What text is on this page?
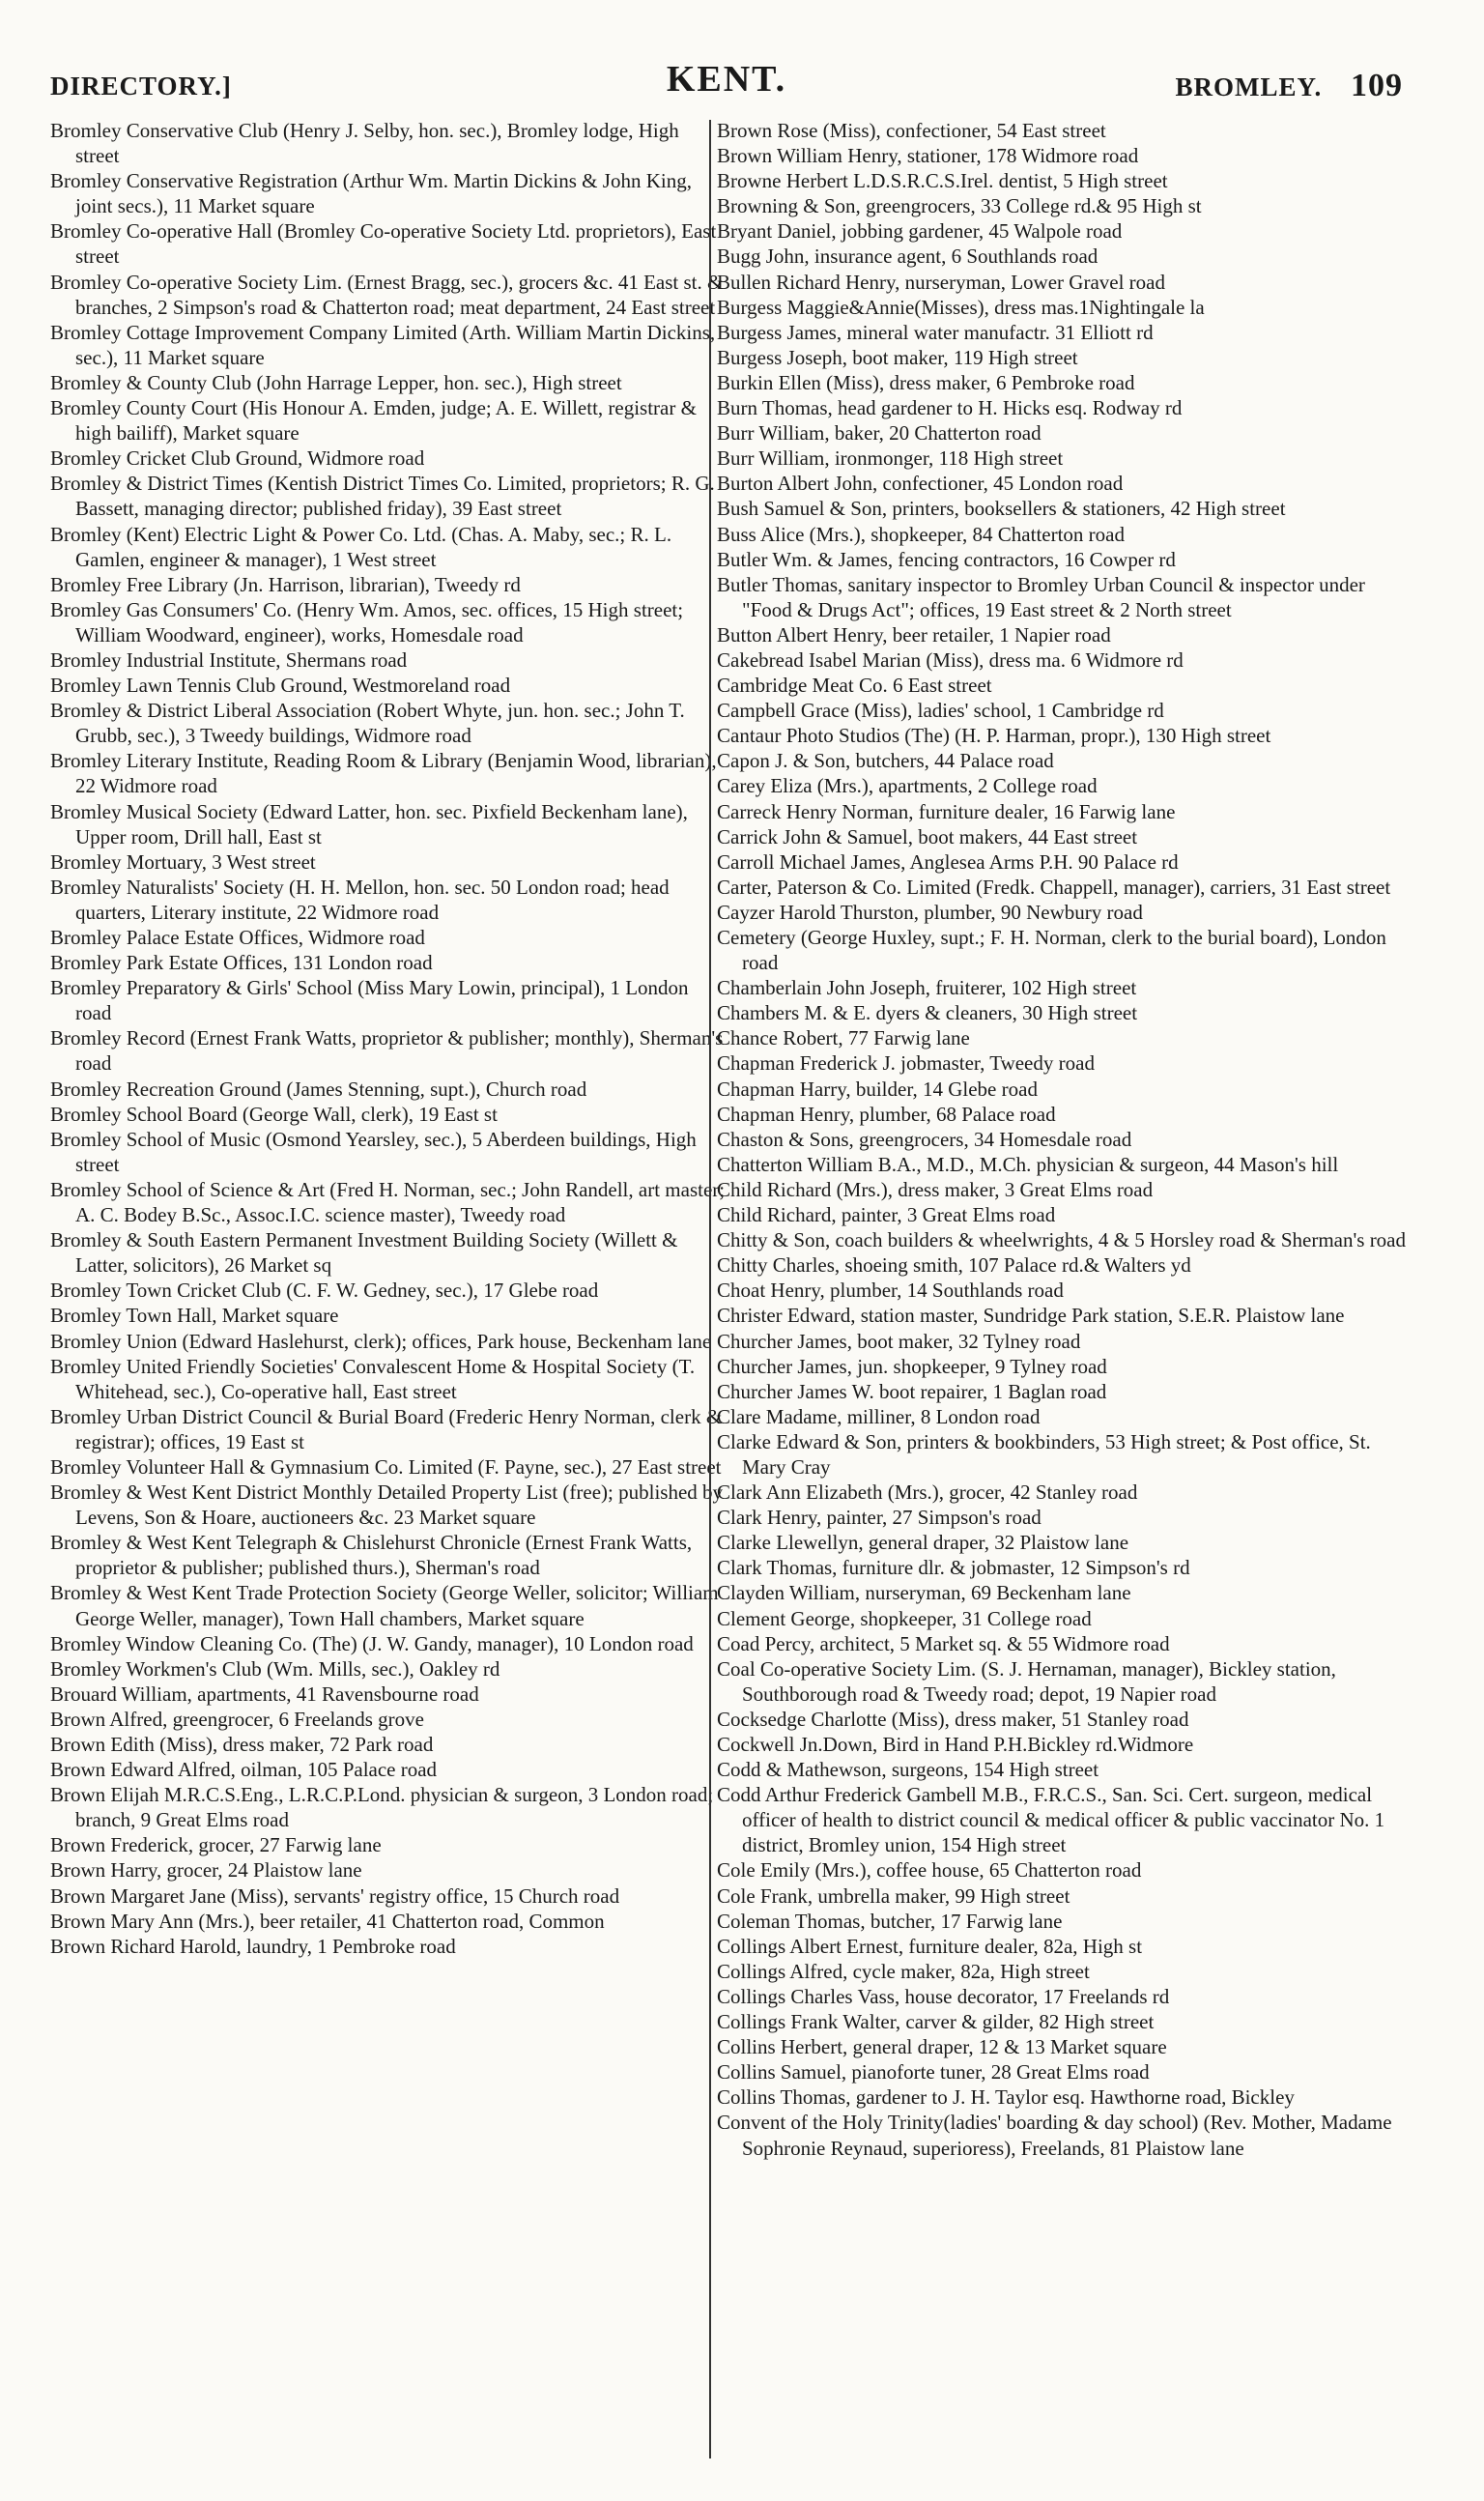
DIRECTORY.]	KENT.	BROMLEY. 109
Bromley Conservative Club (Henry J. Selby, hon. sec.), Bromley lodge, High street
Bromley Conservative Registration (Arthur Wm. Martin Dickins & John King, joint secs.), 11 Market square
Bromley Co-operative Hall (Bromley Co-operative Society Ltd. proprietors), East street
Bromley Co-operative Society Lim. (Ernest Bragg, sec.), grocers &c. 41 East st. & branches, 2 Simpson's road & Chatterton road; meat department, 24 East street
Bromley Cottage Improvement Company Limited (Arth. William Martin Dickins, sec.), 11 Market square
Bromley & County Club (John Harrage Lepper, hon. sec.), High street
Bromley County Court (His Honour A. Emden, judge; A. E. Willett, registrar & high bailiff), Market square
Bromley Cricket Club Ground, Widmore road
Bromley & District Times (Kentish District Times Co. Limited, proprietors; R. G. Bassett, managing director; published friday), 39 East street
Bromley (Kent) Electric Light & Power Co. Ltd. (Chas. A. Maby, sec.; R. L. Gamlen, engineer & manager), 1 West street
Bromley Free Library (Jn. Harrison, librarian), Tweedy rd
Bromley Gas Consumers' Co. (Henry Wm. Amos, sec. offices, 15 High street; William Woodward, engineer), works, Homesdale road
Bromley Industrial Institute, Shermans road
Bromley Lawn Tennis Club Ground, Westmoreland road
Bromley & District Liberal Association (Robert Whyte, jun. hon. sec.; John T. Grubb, sec.), 3 Tweedy buildings, Widmore road
Bromley Literary Institute, Reading Room & Library (Benjamin Wood, librarian), 22 Widmore road
Bromley Musical Society (Edward Latter, hon. sec. Pixfield Beckenham lane), Upper room, Drill hall, East st
Bromley Mortuary, 3 West street
Bromley Naturalists' Society (H. H. Mellon, hon. sec. 50 London road; head quarters, Literary institute, 22 Widmore road
Bromley Palace Estate Offices, Widmore road
Bromley Park Estate Offices, 131 London road
Bromley Preparatory & Girls' School (Miss Mary Lowin, principal), 1 London road
Bromley Record (Ernest Frank Watts, proprietor & publisher; monthly), Sherman's road
Bromley Recreation Ground (James Stenning, supt.), Church road
Bromley School Board (George Wall, clerk), 19 East st
Bromley School of Music (Osmond Yearsley, sec.), 5 Aberdeen buildings, High street
Bromley School of Science & Art (Fred H. Norman, sec.; John Randell, art master; A. C. Bodey B.Sc., Assoc.I.C. science master), Tweedy road
Bromley & South Eastern Permanent Investment Building Society (Willett & Latter, solicitors), 26 Market sq
Bromley Town Cricket Club (C. F. W. Gedney, sec.), 17 Glebe road
Bromley Town Hall, Market square
Bromley Union (Edward Haslehurst, clerk); offices, Park house, Beckenham lane
Bromley United Friendly Societies' Convalescent Home & Hospital Society (T. Whitehead, sec.), Co-operative hall, East street
Bromley Urban District Council & Burial Board (Frederic Henry Norman, clerk & registrar); offices, 19 East st
Bromley Volunteer Hall & Gymnasium Co. Limited (F. Payne, sec.), 27 East street
Bromley & West Kent District Monthly Detailed Property List (free); published by Levens, Son & Hoare, auctioneers &c. 23 Market square
Bromley & West Kent Telegraph & Chislehurst Chronicle (Ernest Frank Watts, proprietor & publisher; published thurs.), Sherman's road
Bromley & West Kent Trade Protection Society (George Weller, solicitor; William George Weller, manager), Town Hall chambers, Market square
Bromley Window Cleaning Co. (The) (J. W. Gandy, manager), 10 London road
Bromley Workmen's Club (Wm. Mills, sec.), Oakley rd
Brouard William, apartments, 41 Ravensbourne road
Brown Alfred, greengrocer, 6 Freelands grove
Brown Edith (Miss), dress maker, 72 Park road
Brown Edward Alfred, oilman, 105 Palace road
Brown Elijah M.R.C.S.Eng., L.R.C.P.Lond. physician & surgeon, 3 London road; branch, 9 Great Elms road
Brown Frederick, grocer, 27 Farwig lane
Brown Harry, grocer, 24 Plaistow lane
Brown Margaret Jane (Miss), servants' registry office, 15 Church road
Brown Mary Ann (Mrs.), beer retailer, 41 Chatterton road, Common
Brown Richard Harold, laundry, 1 Pembroke road
Brown Rose (Miss), confectioner, 54 East street
Brown William Henry, stationer, 178 Widmore road
Browne Herbert L.D.S.R.C.S.Irel. dentist, 5 High street
Browning & Son, greengrocers, 33 College rd.& 95 High st
Bryant Daniel, jobbing gardener, 45 Walpole road
Bugg John, insurance agent, 6 Southlands road
Bullen Richard Henry, nurseryman, Lower Gravel road
Burgess Maggie&Annie(Misses), dress mas.1Nightingale la
Burgess James, mineral water manufactr. 31 Elliott rd
Burgess Joseph, boot maker, 119 High street
Burkin Ellen (Miss), dress maker, 6 Pembroke road
Burn Thomas, head gardener to H. Hicks esq. Rodway rd
Burr William, baker, 20 Chatterton road
Burr William, ironmonger, 118 High street
Burton Albert John, confectioner, 45 London road
Bush Samuel & Son, printers, booksellers & stationers, 42 High street
Buss Alice (Mrs.), shopkeeper, 84 Chatterton road
Butler Wm. & James, fencing contractors, 16 Cowper rd
Butler Thomas, sanitary inspector to Bromley Urban Council & inspector under "Food & Drugs Act"; offices, 19 East street & 2 North street
Button Albert Henry, beer retailer, 1 Napier road
Cakebread Isabel Marian (Miss), dress ma. 6 Widmore rd
Cambridge Meat Co. 6 East street
Campbell Grace (Miss), ladies' school, 1 Cambridge rd
Cantaur Photo Studios (The) (H. P. Harman, propr.), 130 High street
Capon J. & Son, butchers, 44 Palace road
Carey Eliza (Mrs.), apartments, 2 College road
Carreck Henry Norman, furniture dealer, 16 Farwig lane
Carrick John & Samuel, boot makers, 44 East street
Carroll Michael James, Anglesea Arms P.H. 90 Palace rd
Carter, Paterson & Co. Limited (Fredk. Chappell, manager), carriers, 31 East street
Cayzer Harold Thurston, plumber, 90 Newbury road
Cemetery (George Huxley, supt.; F. H. Norman, clerk to the burial board), London road
Chamberlain John Joseph, fruiterer, 102 High street
Chambers M. & E. dyers & cleaners, 30 High street
Chance Robert, 77 Farwig lane
Chapman Frederick J. jobmaster, Tweedy road
Chapman Harry, builder, 14 Glebe road
Chapman Henry, plumber, 68 Palace road
Chaston & Sons, greengrocers, 34 Homesdale road
Chatterton William B.A., M.D., M.Ch. physician & surgeon, 44 Mason's hill
Child Richard (Mrs.), dress maker, 3 Great Elms road
Child Richard, painter, 3 Great Elms road
Chitty & Son, coach builders & wheelwrights, 4 & 5 Horsley road & Sherman's road
Chitty Charles, shoeing smith, 107 Palace rd.& Walters yd
Choat Henry, plumber, 14 Southlands road
Christer Edward, station master, Sundridge Park station, S.E.R. Plaistow lane
Churcher James, boot maker, 32 Tylney road
Churcher James, jun. shopkeeper, 9 Tylney road
Churcher James W. boot repairer, 1 Baglan road
Clare Madame, milliner, 8 London road
Clarke Edward & Son, printers & bookbinders, 53 High street; & Post office, St. Mary Cray
Clark Ann Elizabeth (Mrs.), grocer, 42 Stanley road
Clark Henry, painter, 27 Simpson's road
Clarke Llewellyn, general draper, 32 Plaistow lane
Clark Thomas, furniture dlr. & jobmaster, 12 Simpson's rd
Clayden William, nurseryman, 69 Beckenham lane
Clement George, shopkeeper, 31 College road
Coad Percy, architect, 5 Market sq. & 55 Widmore road
Coal Co-operative Society Lim. (S. J. Hernaman, manager), Bickley station, Southborough road & Tweedy road; depot, 19 Napier road
Cocksedge Charlotte (Miss), dress maker, 51 Stanley road
Cockwell Jn.Down, Bird in Hand P.H.Bickley rd.Widmore
Codd & Mathewson, surgeons, 154 High street
Codd Arthur Frederick Gambell M.B., F.R.C.S., San. Sci. Cert. surgeon, medical officer of health to district council & medical officer & public vaccinator No. 1 district, Bromley union, 154 High street
Cole Emily (Mrs.), coffee house, 65 Chatterton road
Cole Frank, umbrella maker, 99 High street
Coleman Thomas, butcher, 17 Farwig lane
Collings Albert Ernest, furniture dealer, 82a, High st
Collings Alfred, cycle maker, 82a, High street
Collings Charles Vass, house decorator, 17 Freelands rd
Collings Frank Walter, carver & gilder, 82 High street
Collins Herbert, general draper, 12 & 13 Market square
Collins Samuel, pianoforte tuner, 28 Great Elms road
Collins Thomas, gardener to J. H. Taylor esq. Hawthorne road, Bickley
Convent of the Holy Trinity(ladies' boarding & day school) (Rev. Mother, Madame Sophronie Reynaud, superioress), Freelands, 81 Plaistow lane
